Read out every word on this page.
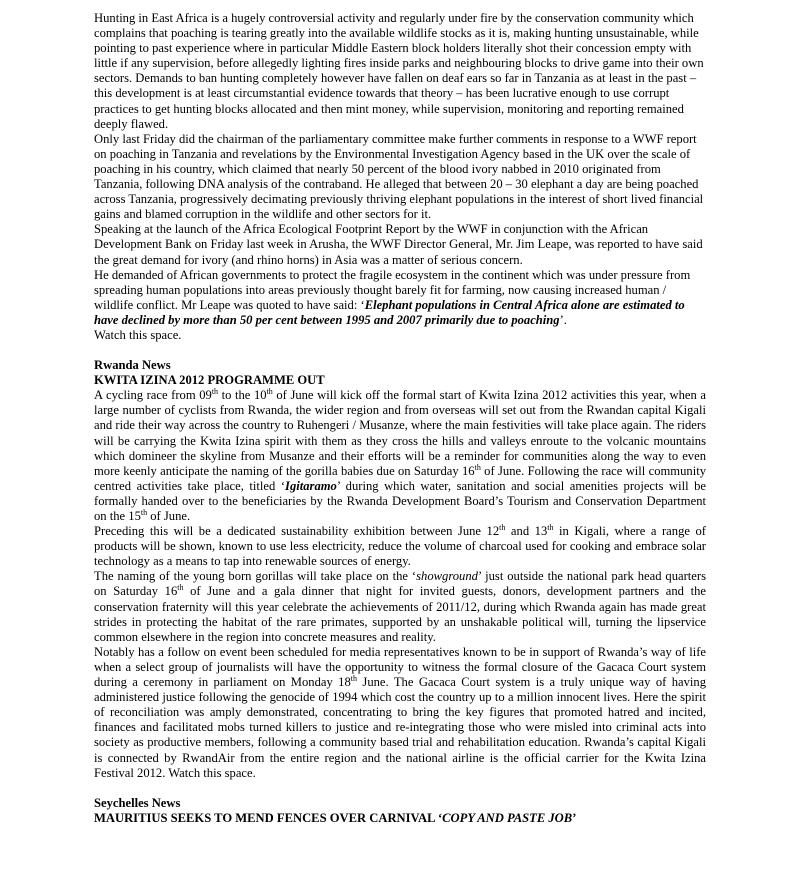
Hunting in East Africa is a hugely controversial activity and regularly under fire by the conservation community which complains that poaching is tearing greatly into the available wildlife stocks as it is, making hunting unsustainable, while pointing to past experience where in particular Middle Eastern block holders literally shot their concession empty with little if any supervision, before allegedly lighting fires inside parks and neighbouring blocks to drive game into their own sectors. Demands to ban hunting completely however have fallen on deaf ears so far in Tanzania as at least in the past – this development is at least circumstantial evidence towards that theory – has been lucrative enough to use corrupt practices to get hunting blocks allocated and then mint money, while supervision, monitoring and reporting remained deeply flawed.

Only last Friday did the chairman of the parliamentary committee make further comments in response to a WWF report on poaching in Tanzania and revelations by the Environmental Investigation Agency based in the UK over the scale of poaching in his country, which claimed that nearly 50 percent of the blood ivory nabbed in 2010 originated from Tanzania, following DNA analysis of the contraband. He alleged that between 20 – 30 elephant a day are being poached across Tanzania, progressively decimating previously thriving elephant populations in the interest of short lived financial gains and blamed corruption in the wildlife and other sectors for it.

Speaking at the launch of the Africa Ecological Footprint Report by the WWF in conjunction with the African Development Bank on Friday last week in Arusha, the WWF Director General, Mr. Jim Leape, was reported to have said the great demand for ivory (and rhino horns) in Asia was a matter of serious concern.

He demanded of African governments to protect the fragile ecosystem in the continent which was under pressure from spreading human populations into areas previously thought barely fit for farming, now causing increased human / wildlife conflict. Mr Leape was quoted to have said: ‘Elephant populations in Central Africa alone are estimated to have declined by more than 50 per cent between 1995 and 2007 primarily due to poaching’.

Watch this space.

Rwanda News

KWITA IZINA 2012 PROGRAMME OUT

A cycling race from 09th to the 10th of June will kick off the formal start of Kwita Izina 2012 activities this year, when a large number of cyclists from Rwanda, the wider region and from overseas will set out from the Rwandan capital Kigali and ride their way across the country to Ruhengeri / Musanze, where the main festivities will take place again. The riders will be carrying the Kwita Izina spirit with them as they cross the hills and valleys enroute to the volcanic mountains which domineer the skyline from Musanze and their efforts will be a reminder for communities along the way to even more keenly anticipate the naming of the gorilla babies due on Saturday 16th of June. Following the race will community centred activities take place, titled ‘Igitaramo’ during which water, sanitation and social amenities projects will be formally handed over to the beneficiaries by the Rwanda Development Board’s Tourism and Conservation Department on the 15th of June.

Preceding this will be a dedicated sustainability exhibition between June 12th and 13th in Kigali, where a range of products will be shown, known to use less electricity, reduce the volume of charcoal used for cooking and embrace solar technology as a means to tap into renewable sources of energy.

The naming of the young born gorillas will take place on the ‘showground’ just outside the national park head quarters on Saturday 16th of June and a gala dinner that night for invited guests, donors, development partners and the conservation fraternity will this year celebrate the achievements of 2011/12, during which Rwanda again has made great strides in protecting the habitat of the rare primates, supported by an unshakable political will, turning the lipservice common elsewhere in the region into concrete measures and reality.

Notably has a follow on event been scheduled for media representatives known to be in support of Rwanda’s way of life when a select group of journalists will have the opportunity to witness the formal closure of the Gacaca Court system during a ceremony in parliament on Monday 18th June. The Gacaca Court system is a truly unique way of having administered justice following the genocide of 1994 which cost the country up to a million innocent lives. Here the spirit of reconciliation was amply demonstrated, concentrating to bring the key figures that promoted hatred and incited, finances and facilitated mobs turned killers to justice and re-integrating those who were misled into criminal acts into society as productive members, following a community based trial and rehabilitation education. Rwanda’s capital Kigali is connected by RwandAir from the entire region and the national airline is the official carrier for the Kwita Izina Festival 2012. Watch this space.

Seychelles News

MAURITIUS SEEKS TO MEND FENCES OVER CARNIVAL ‘COPY AND PASTE JOB’
